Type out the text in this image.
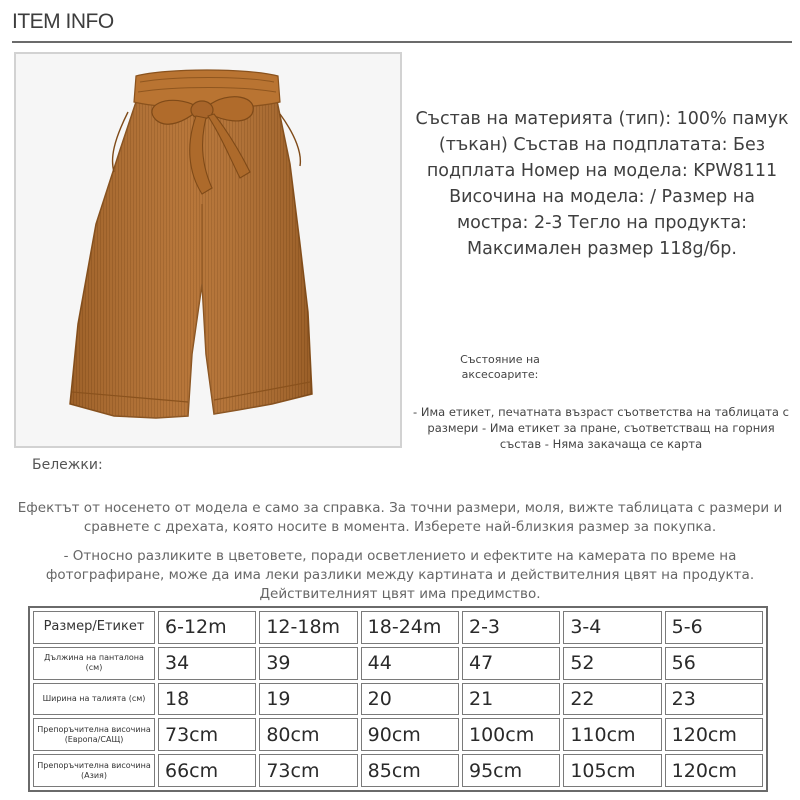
ITEM INFO
Състав на материята (тип): 100% памук (тъкан) Състав на подплатата: Без подплата Номер на модела: KPW8111 Височина на модела: / Размер на мостра: 2-3 Тегло на продукта: Максимален размер 118g/бр.
Състояние на аксесоарите:
- Има етикет, печатната възраст съответства на таблицата с размери - Има етикет за пране, съответстващ на горния състав - Няма закачаща се карта
Бележки:
Ефектът от носенето от модела е само за справка. За точни размери, моля, вижте таблицата с размери и сравнете с дрехата, която носите в момента. Изберете най-близкия размер за покупка.
- Относно разликите в цветовете, поради осветлението и ефектите на камерата по време на фотографиране, може да има леки разлики между картината и действителния цвят на продукта. Действителният цвят има предимство.
Размер/Етикет	6-12m	12-18m	18-24m	2-3	3-4	5-6
Дължина на панталона (см)	34	39	44	47	52	56
Ширина на талията (см)	18	19	20	21	22	23
Препоръчителна височина (Европа/САЩ)	73cm	80cm	90cm	100cm	110cm	120cm
Препоръчителна височина (Азия)	66cm	73cm	85cm	95cm	105cm	120cm
